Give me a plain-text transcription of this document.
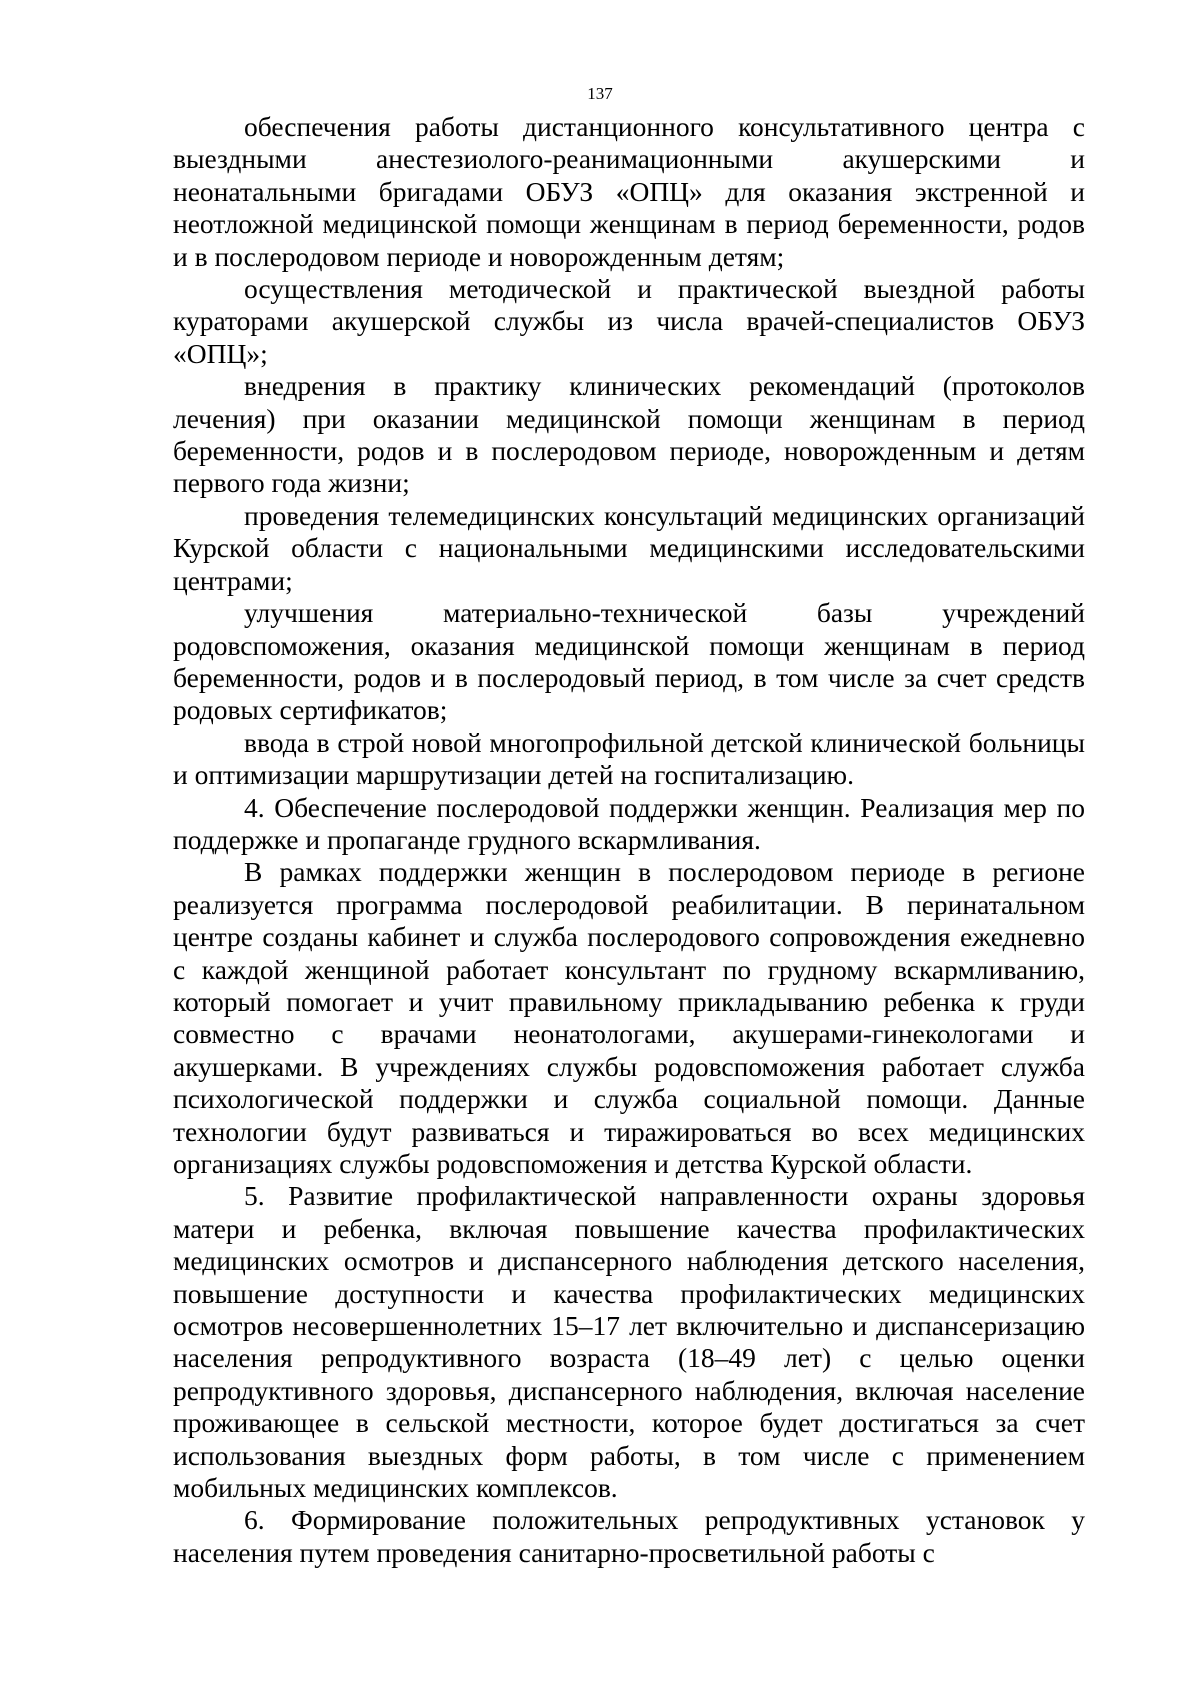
137

обеспечения работы дистанционного консультативного центра с выездными анестезиолого-реанимационными акушерскими и неонатальными бригадами ОБУЗ «ОПЦ» для оказания экстренной и неотложной медицинской помощи женщинам в период беременности, родов и в послеродовом периоде и новорожденным детям;

осуществления методической и практической выездной работы кураторами акушерской службы из числа врачей-специалистов ОБУЗ «ОПЦ»;

внедрения в практику клинических рекомендаций (протоколов лечения) при оказании медицинской помощи женщинам в период беременности, родов и в послеродовом периоде, новорожденным и детям первого года жизни;

проведения телемедицинских консультаций медицинских организаций Курской области с национальными медицинскими исследовательскими центрами;

улучшения материально-технической базы учреждений родовспоможения, оказания медицинской помощи женщинам в период беременности, родов и в послеродовый период, в том числе за счет средств родовых сертификатов;

ввода в строй новой многопрофильной детской клинической больницы и оптимизации маршрутизации детей на госпитализацию.

4. Обеспечение послеродовой поддержки женщин. Реализация мер по поддержке и пропаганде грудного вскармливания.

В рамках поддержки женщин в послеродовом периоде в регионе реализуется программа послеродовой реабилитации. В перинатальном центре созданы кабинет и служба послеродового сопровождения ежедневно с каждой женщиной работает консультант по грудному вскармливанию, который помогает и учит правильному прикладыванию ребенка к груди совместно с врачами неонатологами, акушерами-гинекологами и акушерками. В учреждениях службы родовспоможения работает служба психологической поддержки и служба социальной помощи. Данные технологии будут развиваться и тиражироваться во всех медицинских организациях службы родовспоможения и детства Курской области.

5. Развитие профилактической направленности охраны здоровья матери и ребенка, включая повышение качества профилактических медицинских осмотров и диспансерного наблюдения детского населения, повышение доступности и качества профилактических медицинских осмотров несовершеннолетних 15–17 лет включительно и диспансеризацию населения репродуктивного возраста (18–49 лет) с целью оценки репродуктивного здоровья, диспансерного наблюдения, включая население проживающее в сельской местности, которое будет достигаться за счет использования выездных форм работы, в том числе с применением мобильных медицинских комплексов.

6. Формирование положительных репродуктивных установок у населения путем проведения санитарно-просветильной работы с
